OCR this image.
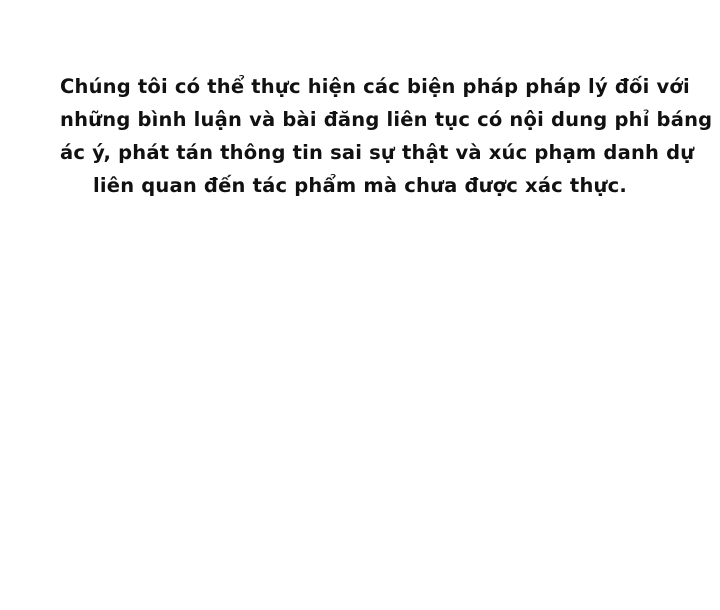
Chúng tôi có thể thực hiện các biện pháp pháp lý đối với
những bình luận và bài đăng liên tục có nội dung phỉ báng
ác ý, phát tán thông tin sai sự thật và xúc phạm danh dự
liên quan đến tác phẩm mà chưa được xác thực.
